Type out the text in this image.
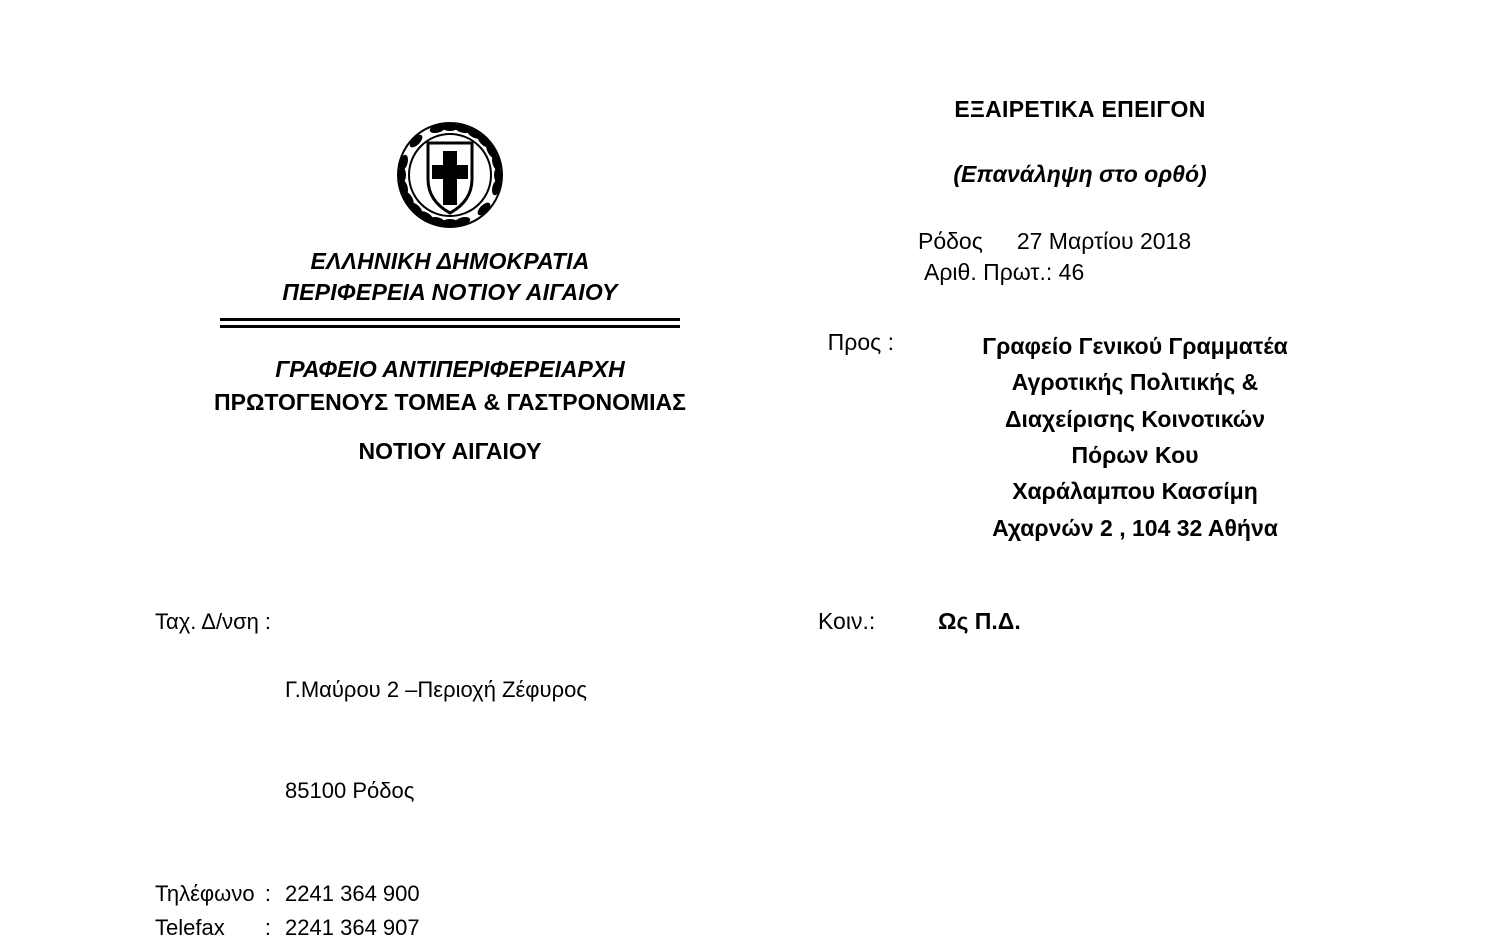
ΕΛΛΗΝΙΚΗ ΔΗΜΟΚΡΑΤΙΑ
ΠΕΡΙΦΕΡΕΙΑ ΝΟΤΙΟΥ ΑΙΓΑΙΟΥ
ΓΡΑΦΕΙΟ ΑΝΤΙΠΕΡΙΦΕΡΕΙΑΡΧΗ
ΠΡΩΤΟΓΕΝΟΥΣ ΤΟΜΕΑ & ΓΑΣΤΡΟΝΟΜΙΑΣ
ΝΟΤΙΟΥ ΑΙΓΑΙΟΥ
Ταχ. Δ/νση	:	Γ.Μαύρου 2 –Περιοχή Ζέφυρος

85100 Ρόδος

Τηλέφωνο	:	2241 364 900
Telefax	:	2241 364 907
ΕΞΑΙΡΕΤΙΚΑ ΕΠΕΙΓΟΝ
(Επανάληψη στο ορθό)
Ρόδος 27 Μαρτίου 2018
Αριθ. Πρωτ.: 46
Προς :	Γραφείο Γενικού Γραμματέα
Αγροτικής Πολιτικής &
Διαχείρισης Κοινοτικών
Πόρων Κου
Χαράλαμπου Κασσίμη
Αχαρνών 2 , 104 32 Αθήνα
Κοιν.:	Ως Π.Δ.
